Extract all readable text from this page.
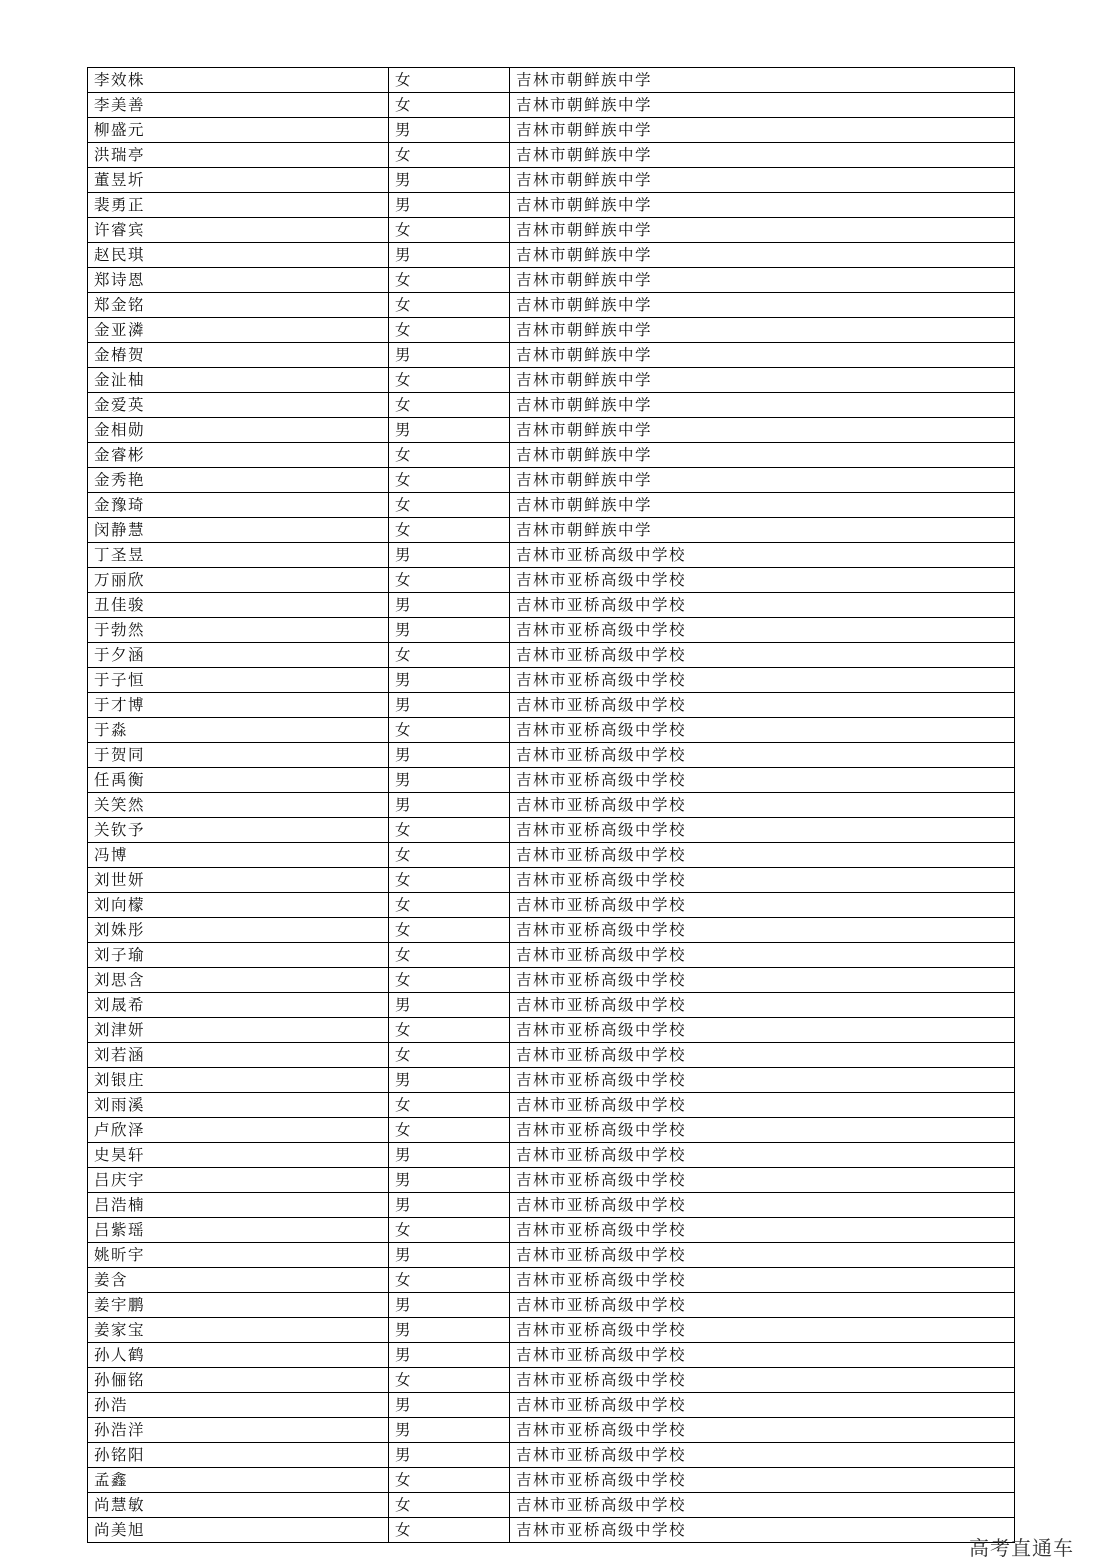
李效株	女	吉林市朝鲜族中学
李美善	女	吉林市朝鲜族中学
柳盛元	男	吉林市朝鲜族中学
洪瑞亭	女	吉林市朝鲜族中学
董昱圻	男	吉林市朝鲜族中学
裴勇正	男	吉林市朝鲜族中学
许睿宾	女	吉林市朝鲜族中学
赵民琪	男	吉林市朝鲜族中学
郑诗恩	女	吉林市朝鲜族中学
郑金铭	女	吉林市朝鲜族中学
金亚潾	女	吉林市朝鲜族中学
金椿贺	男	吉林市朝鲜族中学
金沚柚	女	吉林市朝鲜族中学
金爱英	女	吉林市朝鲜族中学
金相勋	男	吉林市朝鲜族中学
金睿彬	女	吉林市朝鲜族中学
金秀艳	女	吉林市朝鲜族中学
金豫琦	女	吉林市朝鲜族中学
闵静慧	女	吉林市朝鲜族中学
丁圣昱	男	吉林市亚桥高级中学校
万丽欣	女	吉林市亚桥高级中学校
丑佳骏	男	吉林市亚桥高级中学校
于勃然	男	吉林市亚桥高级中学校
于夕涵	女	吉林市亚桥高级中学校
于子恒	男	吉林市亚桥高级中学校
于才博	男	吉林市亚桥高级中学校
于淼	女	吉林市亚桥高级中学校
于贺同	男	吉林市亚桥高级中学校
任禹衡	男	吉林市亚桥高级中学校
关笑然	男	吉林市亚桥高级中学校
关钦予	女	吉林市亚桥高级中学校
冯博	女	吉林市亚桥高级中学校
刘世妍	女	吉林市亚桥高级中学校
刘向檬	女	吉林市亚桥高级中学校
刘姝彤	女	吉林市亚桥高级中学校
刘子瑜	女	吉林市亚桥高级中学校
刘思含	女	吉林市亚桥高级中学校
刘晟希	男	吉林市亚桥高级中学校
刘津妍	女	吉林市亚桥高级中学校
刘若涵	女	吉林市亚桥高级中学校
刘银庄	男	吉林市亚桥高级中学校
刘雨溪	女	吉林市亚桥高级中学校
卢欣泽	女	吉林市亚桥高级中学校
史昊轩	男	吉林市亚桥高级中学校
吕庆宇	男	吉林市亚桥高级中学校
吕浩楠	男	吉林市亚桥高级中学校
吕紫瑶	女	吉林市亚桥高级中学校
姚昕宇	男	吉林市亚桥高级中学校
姜含	女	吉林市亚桥高级中学校
姜宇鹏	男	吉林市亚桥高级中学校
姜家宝	男	吉林市亚桥高级中学校
孙人鹤	男	吉林市亚桥高级中学校
孙俪铭	女	吉林市亚桥高级中学校
孙浩	男	吉林市亚桥高级中学校
孙浩洋	男	吉林市亚桥高级中学校
孙铭阳	男	吉林市亚桥高级中学校
孟鑫	女	吉林市亚桥高级中学校
尚慧敏	女	吉林市亚桥高级中学校
尚美旭	女	吉林市亚桥高级中学校
高考直通车
